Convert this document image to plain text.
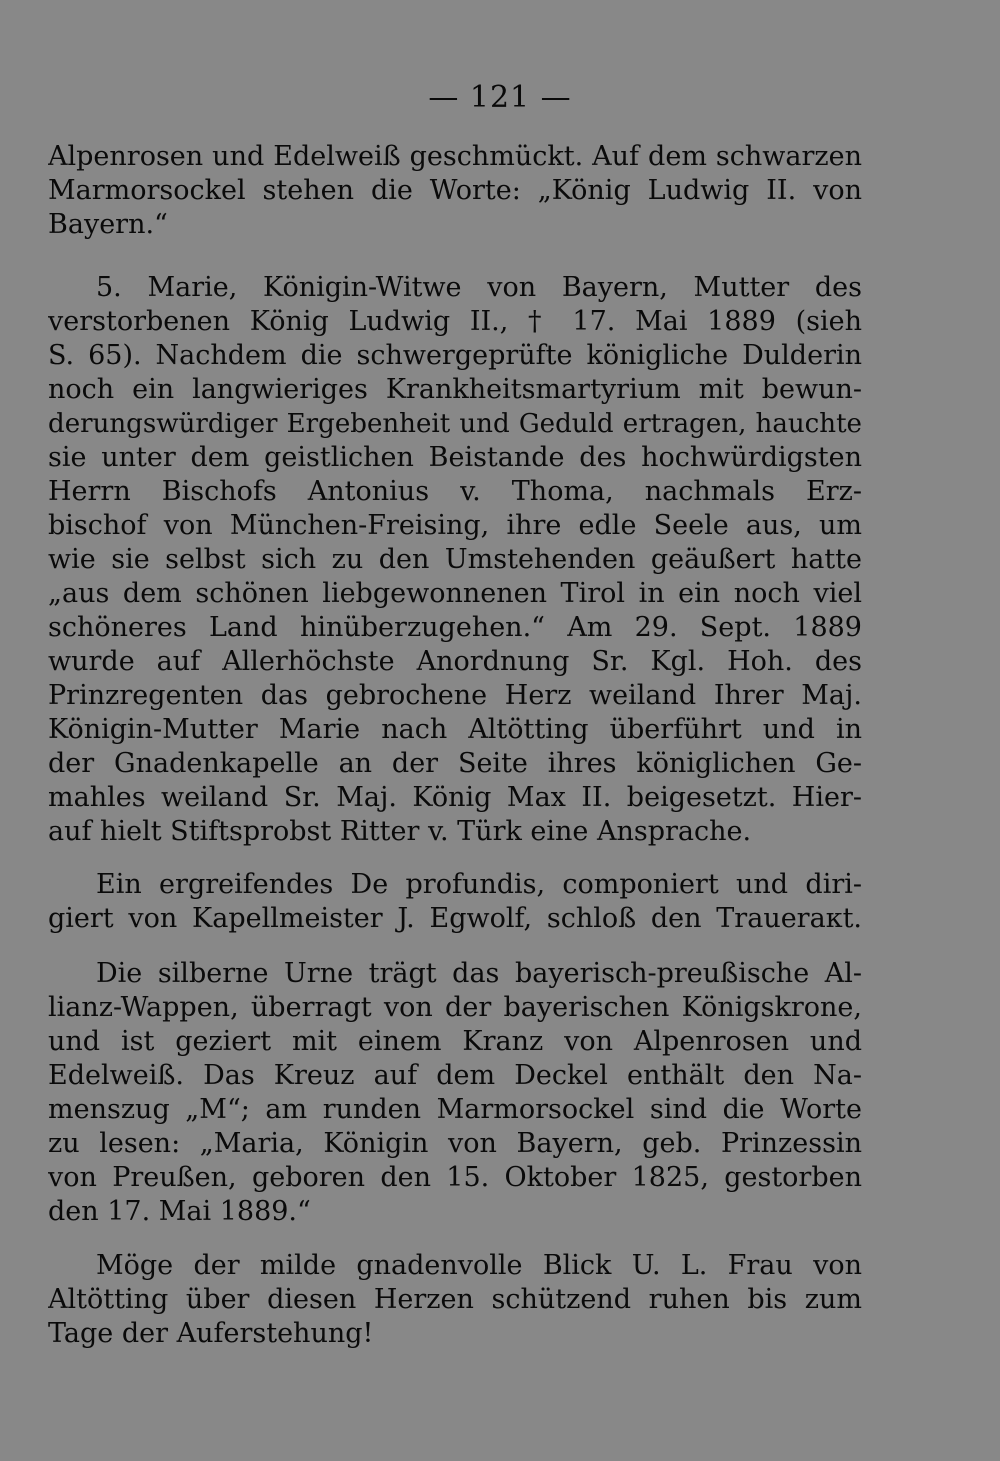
— 121 —
Alpenrosen und Edelweiß geschmückt. Auf dem schwarzen
Marmorsockel stehen die Worte: „König Ludwig II. von
Bayern.“
5. Marie, Königin-Witwe von Bayern, Mutter des
verstorbenen König Ludwig II., † 17. Mai 1889 (sieh
S. 65). Nachdem die schwergeprüfte königliche Dulderin
noch ein langwieriges Krankheitsmartyrium mit bewun-
derungswürdiger Ergebenheit und Geduld ertragen, hauchte
sie unter dem geistlichen Beistande des hochwürdigsten
Herrn Bischofs Antonius v. Thoma, nachmals Erz-
bischof von München-Freising, ihre edle Seele aus, um
wie sie selbst sich zu den Umstehenden geäußert hatte
„aus dem schönen liebgewonnenen Tirol in ein noch viel
schöneres Land hinüberzugehen.“ Am 29. Sept. 1889
wurde auf Allerhöchste Anordnung Sr. Kgl. Hoh. des
Prinzregenten das gebrochene Herz weiland Ihrer Maj.
Königin-Mutter Marie nach Altötting überführt und in
der Gnadenkapelle an der Seite ihres königlichen Ge-
mahles weiland Sr. Maj. König Max II. beigesetzt. Hier-
auf hielt Stiftsprobst Ritter v. Türk eine Ansprache.
Ein ergreifendes De profundis, componiert und diri-
giert von Kapellmeister J. Egwolf, schloß den Traueraкt.
Die silberne Urne trägt das bayerisch-preußische Al-
lianz-Wappen, überragt von der bayerischen Königskrone,
und ist geziert mit einem Kranz von Alpenrosen und
Edelweiß. Das Kreuz auf dem Deckel enthält den Na-
menszug „M“; am runden Marmorsockel sind die Worte
zu lesen: „Maria, Königin von Bayern, geb. Prinzessin
von Preußen, geboren den 15. Oktober 1825, gestorben
den 17. Mai 1889.“
Möge der milde gnadenvolle Blick U. L. Frau von
Altötting über diesen Herzen schützend ruhen bis zum
Tage der Auferstehung!
